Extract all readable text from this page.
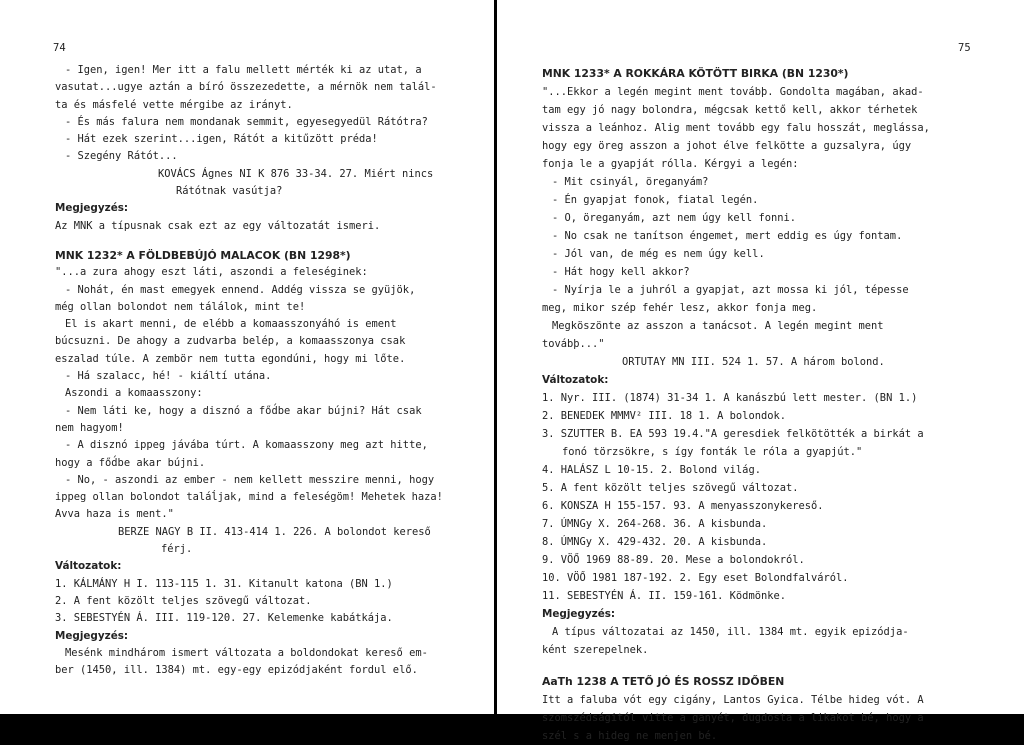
74
- Igen, igen! Mer itt a falu mellett mérték ki az utat, a
vasutat...ugye aztán a bíró összezedette, a mérnök nem talál-
ta és másfelé vette mérgibe az irányt.
- És más falura nem mondanak semmit, egyesegyedül Rátótra?
- Hát ezek szerint...igen, Rátót a kitűzött préda!
- Szegény Rátót...
KOVÁCS Ágnes NI K 876 33-34. 27. Miért nincs
Rátótnak vasútja?
Megjegyzés:
Az MNK a típusnak csak ezt az egy változatát ismeri.
MNK 1232* A FÖLDBEBÚJÓ MALACOK (BN 1298*)
"...a zura ahogy eszt láti, aszondi a feleséginek:
- Nohát, én mast emegyek ennend. Addég vissza se gyüjök,
még ollan bolondot nem tálálok, mint te!
El is akart menni, de elébb a komaasszonyáhó is ement
búcsuzni. De ahogy a zudvarba belép, a komaasszonya csak
eszalad túle. A zembör nem tutta egondúni, hogy mi lőte.
- Há szalacc, hé! - kiáltí utána.
Aszondi a komaasszony:
- Nem láti ke, hogy a disznó a főd́be akar bújni? Hát csak
nem hagyom!
- A disznó ippeg jávába túrt. A komaasszony meg azt hitte,
hogy a főd́be akar bújni.
- No, - aszondi az ember - nem kellett messzire menni, hogy
ippeg ollan bolondot taláĺjak, mind a feleségöm! Mehetek haza!
Avva haza is ment."
BERZE NAGY B II. 413-414 1. 226. A bolondot kereső
férj.
Változatok:
1. KÁLMÁNY H I. 113-115 1. 31. Kitanult katona (BN 1.)
2. A fent közölt teljes szövegű változat.
3. SEBESTYÉN Á. III. 119-120. 27. Kelemenke kabátkája.
Megjegyzés:
Mesénk mindhárom ismert változata a boldondokat kereső em-
ber (1450, ill. 1384) mt. egy-egy epizódjaként fordul elő.
75
MNK 1233* A ROKKÁRA KÖTÖTT BIRKA (BN 1230*)
"...Ekkor a legén megint ment továbþ. Gondolta magában, akad-
tam egy jó nagy bolondra, mégcsak kettő kell, akkor térhetek
vissza a leánhoz. Alig ment tovább egy falu hosszát, meglássa,
hogy egy öreg asszon a johot élve felkötte a guzsalyra, úgy
fonja le a gyapját rólla. Kérgyi a legén:
- Mit csinyál, öreganyám?
- Én gyapjat fonok, fiatal legén.
- O, öreganyám, azt nem úgy kell fonni.
- No csak ne tanítson éngemet, mert eddig es úgy fontam.
- Jól van, de még es nem úgy kell.
- Hát hogy kell akkor?
- Nyírja le a juhról a gyapjat, azt mossa ki jól, tépesse
meg, mikor szép fehér lesz, akkor fonja meg.
Megköszönte az asszon a tanácsot. A legén megint ment
továbþ..."
ORTUTAY MN III. 524 1. 57. A három bolond.
Változatok:
1. Nyr. III. (1874) 31-34 1. A kanászbú lett mester. (BN 1.)
2. BENEDEK MMMV² III. 18 1. A bolondok.
3. SZUTTER B. EA 593 19.4."A geresdiek felkötötték a birkát a
fonó törzsökre, s így fonták le róla a gyapjút."
4. HALÁSZ L 10-15. 2. Bolond világ.
5. A fent közölt teljes szövegű változat.
6. KONSZA H 155-157. 93. A menyasszonykereső.
7. ÚMNGy X. 264-268. 36. A kisbunda.
8. ÚMNGy X. 429-432. 20. A kisbunda.
9. VÖŐ 1969 88-89. 20. Mese a bolondokról.
10. VÖŐ 1981 187-192. 2. Egy eset Bolondfalváról.
11. SEBESTYÉN Á. II. 159-161. Ködmönke.
Megjegyzés:
A típus változatai az 1450, ill. 1384 mt. egyik epizódja-
ként szerepelnek.
AaTh 1238 A TETŐ JÓ ÉS ROSSZ IDŐBEN
Itt a faluba vót egy cigány, Lantos Gyica. Télbe hideg vót. A
szomszédságitól vitte a ganyét, dugdosta a likakot bé, hogy a
szél s a hideg ne menjen bé.
